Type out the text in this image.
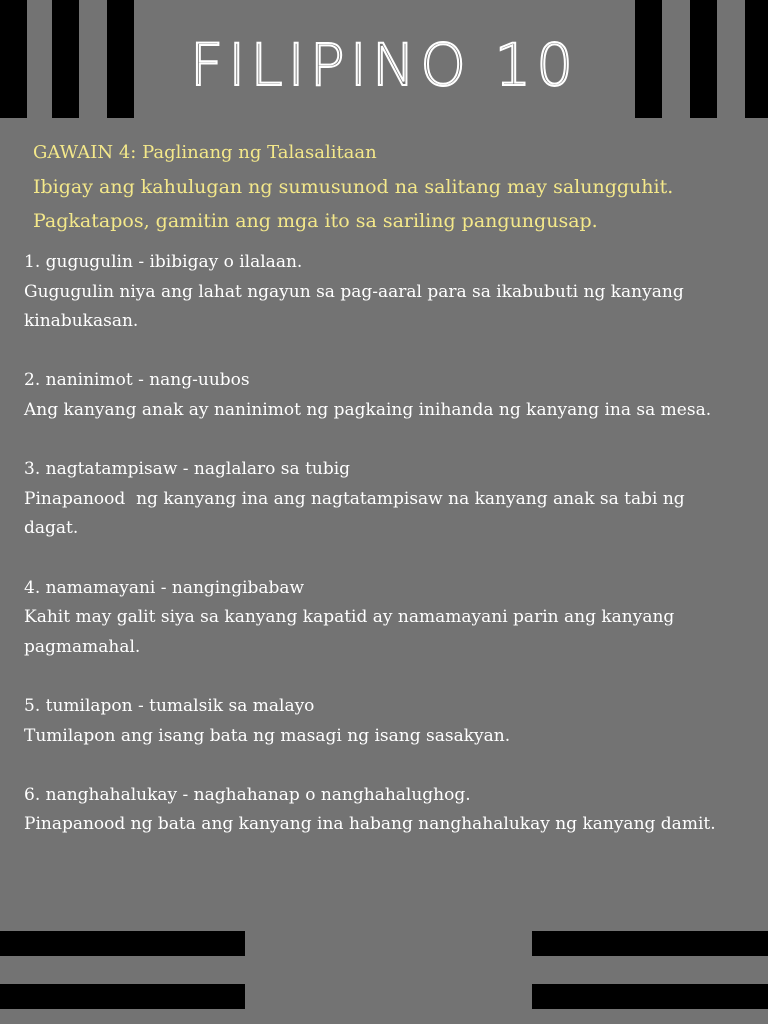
FILIPINO 10
GAWAIN 4: Paglinang ng Talasalitaan
Ibigay ang kahulugan ng sumusunod na salitang may salungguhit.
Pagkatapos, gamitin ang mga ito sa sariling pangungusap.
1. gugugulin - ibibigay o ilalaan.
Gugugulin niya ang lahat ngayun sa pag-aaral para sa ikabubuti ng kanyang kinabukasan.
2. naninimot - nang-uubos
Ang kanyang anak ay naninimot ng pagkaing inihanda ng kanyang ina sa mesa.
3. nagtatampisaw - naglalaro sa tubig
Pinapanood  ng kanyang ina ang nagtatampisaw na kanyang anak sa tabi ng  dagat.
4. namamayani - nangingibabaw
Kahit may galit siya sa kanyang kapatid ay namamayani parin ang kanyang pagmamahal.
5. tumilapon - tumalsik sa malayo
Tumilapon ang isang bata ng masagi ng isang sasakyan.
6. nanghahalukay - naghahanap o nanghahalughog.
Pinapanood ng bata ang kanyang ina habang nanghahalukay ng kanyang damit.
